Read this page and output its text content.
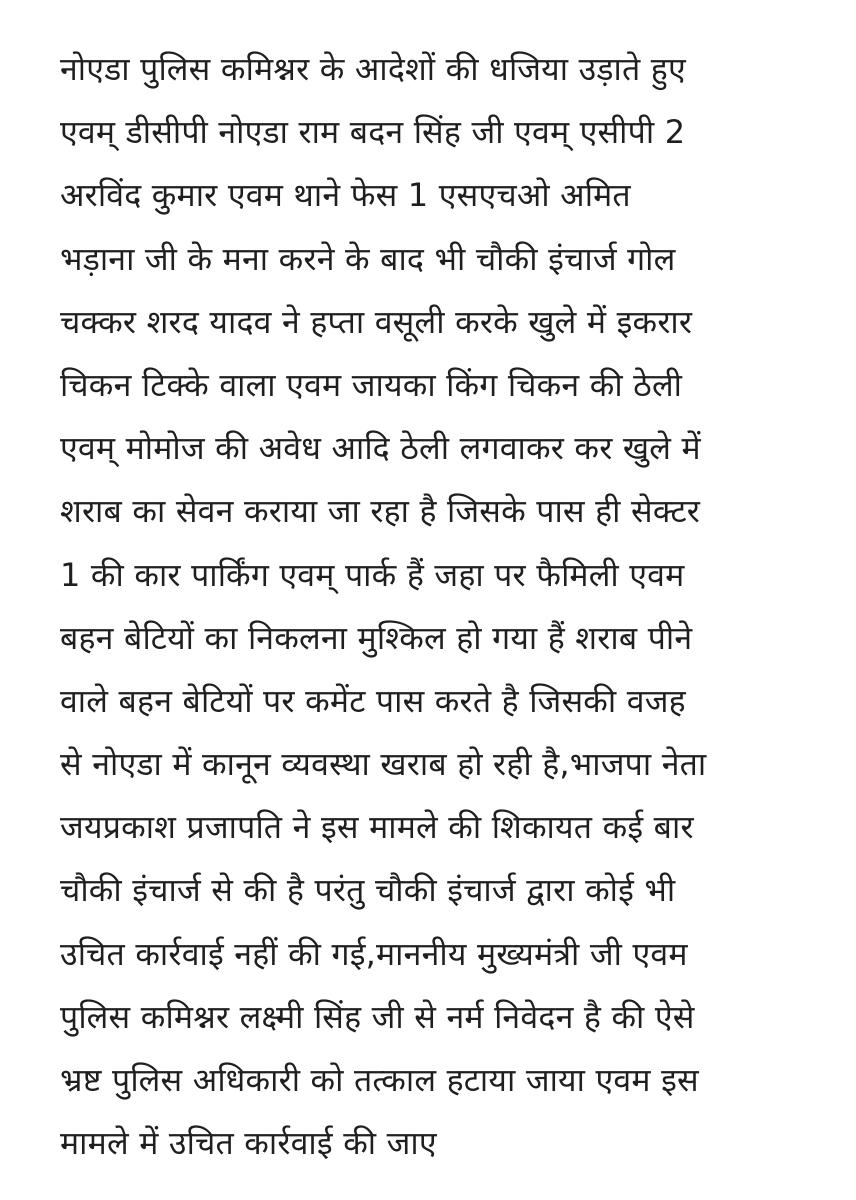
नोएडा पुलिस कमिश्नर के आदेशों की धजिया उड़ाते हुए
एवम् डीसीपी नोएडा राम बदन सिंह जी एवम् एसीपी 2
अरविंद कुमार एवम थाने फेस 1 एसएचओ अमित
भड़ाना जी के मना करने के बाद भी चौकी इंचार्ज गोल
चक्कर शरद यादव ने हप्ता वसूली करके खुले में इकरार
चिकन टिक्के वाला एवम जायका किंग चिकन की ठेली
एवम् मोमोज की अवेध आदि ठेली लगवाकर कर खुले में
शराब का सेवन कराया जा रहा है जिसके पास ही सेक्टर
1 की कार पार्किंग एवम् पार्क हैं जहा पर फैमिली एवम
बहन बेटियों का निकलना मुश्किल हो गया हैं शराब पीने
वाले बहन बेटियों पर कमेंट पास करते है जिसकी वजह
से नोएडा में कानून व्यवस्था खराब हो रही है,भाजपा नेता
जयप्रकाश प्रजापति ने इस मामले की शिकायत कई बार
चौकी इंचार्ज से की है परंतु चौकी इंचार्ज द्वारा कोई भी
उचित कार्रवाई नहीं की गई,माननीय मुख्यमंत्री जी एवम
पुलिस कमिश्नर लक्ष्मी सिंह जी से नर्म निवेदन है की ऐसे
भ्रष्ट पुलिस अधिकारी को तत्काल हटाया जाया एवम इस
मामले में उचित कार्रवाई की जाए
